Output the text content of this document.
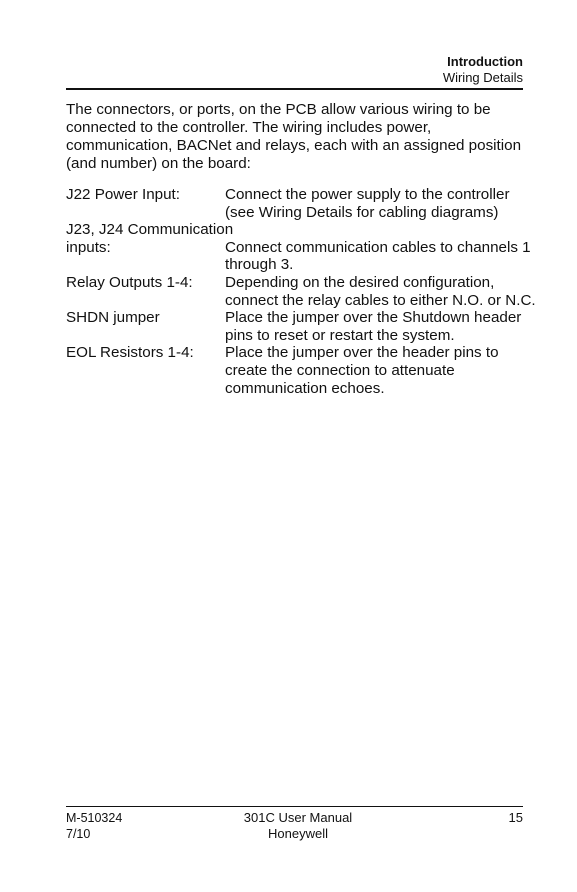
Introduction
Wiring Details

The connectors, or ports, on the PCB allow various wiring to be connected to the controller. The wiring includes power, communication, BACNet and relays, each with an assigned position (and number) on the board:

J22 Power Input:	Connect the power supply to the controller
(see Wiring Details for cabling diagrams)
J23, J24 Communication
inputs:	Connect communication cables to channels 1
through 3.
Relay Outputs 1-4:	Depending on the desired configuration,
connect the relay cables to either N.O. or N.C.
SHDN jumper	Place the jumper over the Shutdown header
pins to reset or restart the system.
EOL Resistors 1-4:	Place the jumper over the header pins to
create the connection to attenuate
communication echoes.
M-510324
7/10
301C User Manual
Honeywell
15
